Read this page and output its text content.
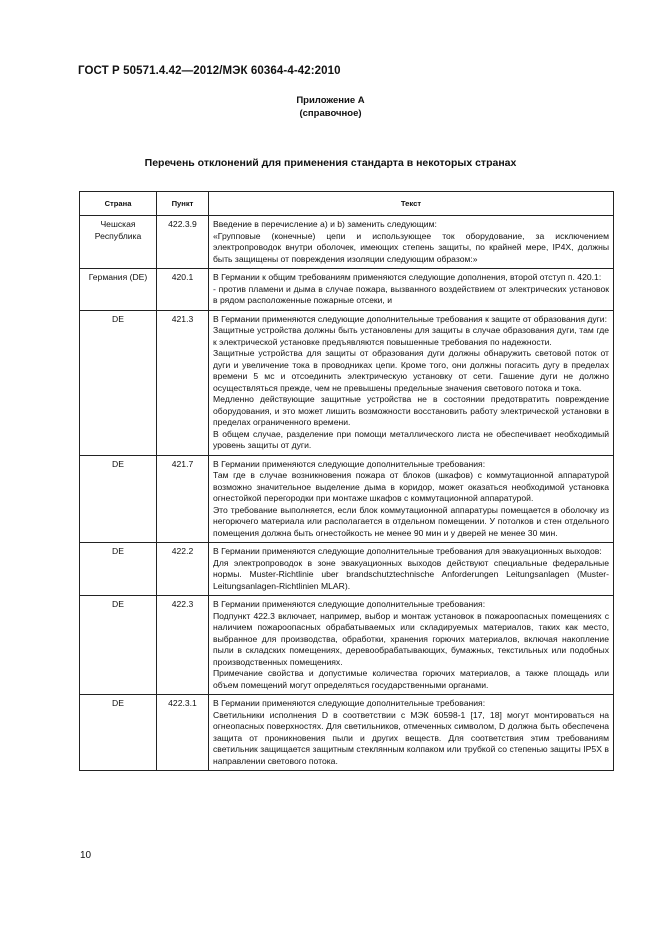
ГОСТ Р 50571.4.42—2012/МЭК 60364-4-42:2010
Приложение А
(справочное)
Перечень отклонений для применения стандарта в некоторых странах
Страна	Пункт	Текст
Чешская Республика	422.3.9	Введение в перечисление а) и b) заменить следующим:

«Групповые (конечные) цепи и использующее ток оборудование, за исключением электропроводок внутри оболочек, имеющих степень защиты, по крайней мере, IP4X, должны быть защищены от повреждения изоляции следующим образом:»

Германия (DE)	420.1	В Германии к общим требованиям применяются следующие дополнения, второй отступ п. 420.1:

- против пламени и дыма в случае пожара, вызванного воздействием от электрических установок в рядом расположенные пожарные отсеки, и

DE	421.3	В Германии применяются следующие дополнительные требования к защите от образования дуги:

Защитные устройства должны быть установлены для защиты в случае образования дуги, там где к электрической установке предъявляются повышенные требования по надежности.

Защитные устройства для защиты от образования дуги должны обнаружить световой поток от дуги и увеличение тока в проводниках цепи. Кроме того, они должны погасить дугу в пределах времени 5 мс и отсоединить электрическую установку от сети. Гашение дуги не должно осуществляться прежде, чем не превышены предельные значения светового потока и тока.

Медленно действующие защитные устройства не в состоянии предотвратить повреждение оборудования, и это может лишить возможности восстановить работу электрической установки в пределах ограниченного времени.

В общем случае, разделение при помощи металлического листа не обеспечивает необходимый уровень защиты от дуги.

DE	421.7	В Германии применяются следующие дополнительные требования:

Там где в случае возникновения пожара от блоков (шкафов) с коммутационной аппаратурой возможно значительное выделение дыма в коридор, может оказаться необходимой установка огнестойкой перегородки при монтаже шкафов с коммутационной аппаратурой.

Это требование выполняется, если блок коммутационной аппаратуры помещается в оболочку из негорючего материала или располагается в отдельном помещении. У потолков и стен отдельного помещения должна быть огнестойкость не менее 90 мин и у дверей не менее 30 мин.

DE	422.2	В Германии применяются следующие дополнительные требования для эвакуационных выходов:

Для электропроводок в зоне эвакуационных выходов действуют специальные федеральные нормы. Muster-Richtlinie uber brandschutztechnische Anforderungen Leitungsanlagen (Muster-Leitungsanlagen-Richtlinien MLAR).

DE	422.3	В Германии применяются следующие дополнительные требования:

Подпункт 422.3 включает, например, выбор и монтаж установок в пожароопасных помещениях с наличием пожароопасных обрабатываемых или складируемых материалов, таких как место, выбранное для производства, обработки, хранения горючих материалов, включая накопление пыли в складских помещениях, деревообрабатывающих, бумажных, текстильных или подобных производственных помещениях.

Примечание свойства и допустимые количества горючих материалов, а также площадь или объем помещений могут определяться государственными органами.

DE	422.3.1	В Германии применяются следующие дополнительные требования:

Светильники исполнения D в соответствии с МЭК 60598-1 [17, 18] могут монтироваться на огнеопасных поверхностях. Для светильников, отмеченных символом, D должна быть обеспечена защита от проникновения пыли и других веществ. Для соответствия этим требованиям светильник защищается защитным стеклянным колпаком или трубкой со степенью защиты IP5X в направлении светового потока.

10
